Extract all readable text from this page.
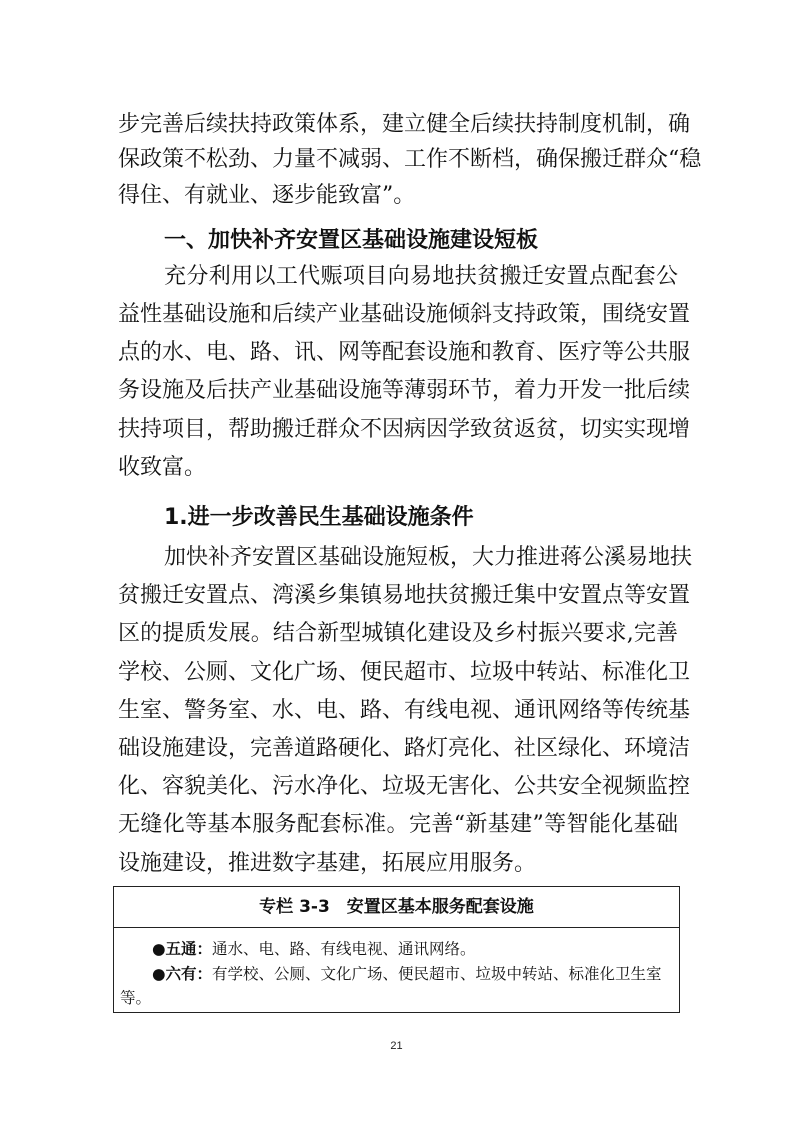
步完善后续扶持政策体系，建立健全后续扶持制度机制，确
保政策不松劲、力量不减弱、工作不断档，确保搬迁群众“稳
得住、有就业、逐步能致富”。
一、加快补齐安置区基础设施建设短板
充分利用以工代赈项目向易地扶贫搬迁安置点配套公
益性基础设施和后续产业基础设施倾斜支持政策，围绕安置
点的水、电、路、讯、网等配套设施和教育、医疗等公共服
务设施及后扶产业基础设施等薄弱环节，着力开发一批后续
扶持项目，帮助搬迁群众不因病因学致贫返贫，切实实现增
收致富。
1.进一步改善民生基础设施条件
加快补齐安置区基础设施短板，大力推进蒋公溪易地扶
贫搬迁安置点、湾溪乡集镇易地扶贫搬迁集中安置点等安置
区的提质发展。结合新型城镇化建设及乡村振兴要求,完善
学校、公厕、文化广场、便民超市、垃圾中转站、标准化卫
生室、警务室、水、电、路、有线电视、通讯网络等传统基
础设施建设，完善道路硬化、路灯亮化、社区绿化、环境洁
化、容貌美化、污水净化、垃圾无害化、公共安全视频监控
无缝化等基本服务配套标准。完善“新基建”等智能化基础
设施建设，推进数字基建，拓展应用服务。
专栏 3-3　安置区基本服务配套设施
●五通：通水、电、路、有线电视、通讯网络。
●六有：有学校、公厕、文化广场、便民超市、垃圾中转站、标准化卫生室
等。
21
